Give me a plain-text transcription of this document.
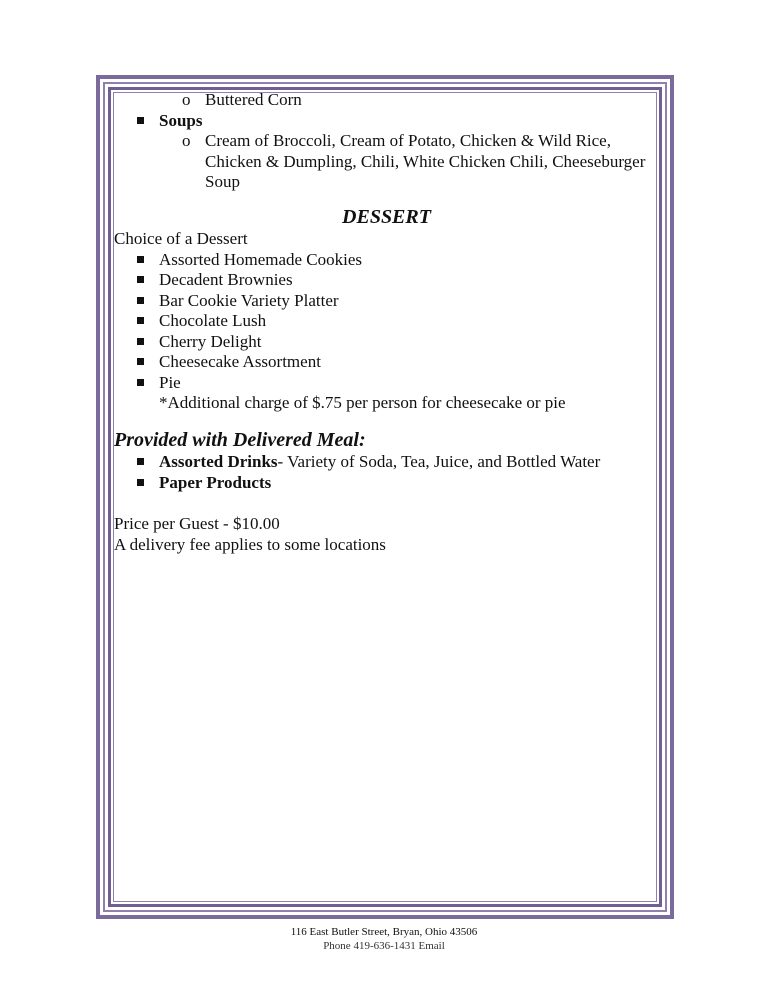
o Buttered Corn
Soups
o Cream of Broccoli, Cream of Potato, Chicken & Wild Rice, Chicken & Dumpling, Chili, White Chicken Chili, Cheeseburger Soup
DESSERT
Choice of a Dessert
Assorted Homemade Cookies
Decadent Brownies
Bar Cookie Variety Platter
Chocolate Lush
Cherry Delight
Cheesecake Assortment
Pie
*Additional charge of $.75 per person for cheesecake or pie
Provided with Delivered Meal:
Assorted Drinks- Variety of Soda, Tea, Juice, and Bottled Water
Paper Products
Price per Guest - $10.00
A delivery fee applies to some locations
116 East Butler Street, Bryan, Ohio 43506
Phone 419-636-1431 Email
